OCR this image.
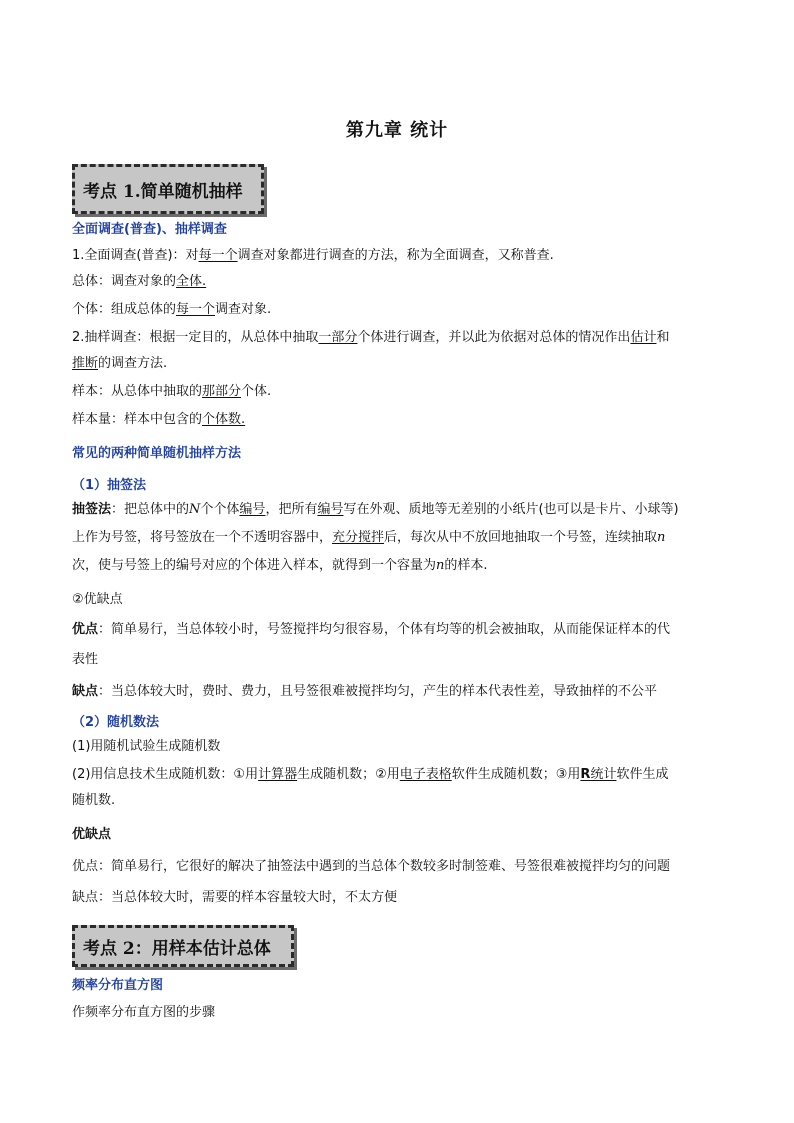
第九章 统计
考点 1.简单随机抽样
全面调查(普查)、抽样调查
1.全面调查(普查)：对每一个调查对象都进行调查的方法，称为全面调查，又称普查.
总体：调查对象的全体.
个体：组成总体的每一个调查对象.
2.抽样调查：根据一定目的，从总体中抽取一部分个体进行调查，并以此为依据对总体的情况作出估计和
推断的调查方法.
样本：从总体中抽取的那部分个体.
样本量：样本中包含的个体数.
常见的两种简单随机抽样方法
（1）抽签法
抽签法：把总体中的N个个体编号，把所有编号写在外观、质地等无差别的小纸片(也可以是卡片、小球等)
上作为号签，将号签放在一个不透明容器中，充分搅拌后，每次从中不放回地抽取一个号签，连续抽取n
次，使与号签上的编号对应的个体进入样本，就得到一个容量为n的样本.
②优缺点
优点：简单易行，当总体较小时，号签搅拌均匀很容易，个体有均等的机会被抽取，从而能保证样本的代
表性
缺点：当总体较大时，费时、费力，且号签很难被搅拌均匀，产生的样本代表性差，导致抽样的不公平
（2）随机数法
(1)用随机试验生成随机数
(2)用信息技术生成随机数：①用计算器生成随机数；②用电子表格软件生成随机数；③用R统计软件生成
随机数.
优缺点
优点：简单易行，它很好的解决了抽签法中遇到的当总体个数较多时制签难、号签很难被搅拌均匀的问题
缺点：当总体较大时，需要的样本容量较大时，不太方便
考点 2：用样本估计总体
频率分布直方图
作频率分布直方图的步骤
